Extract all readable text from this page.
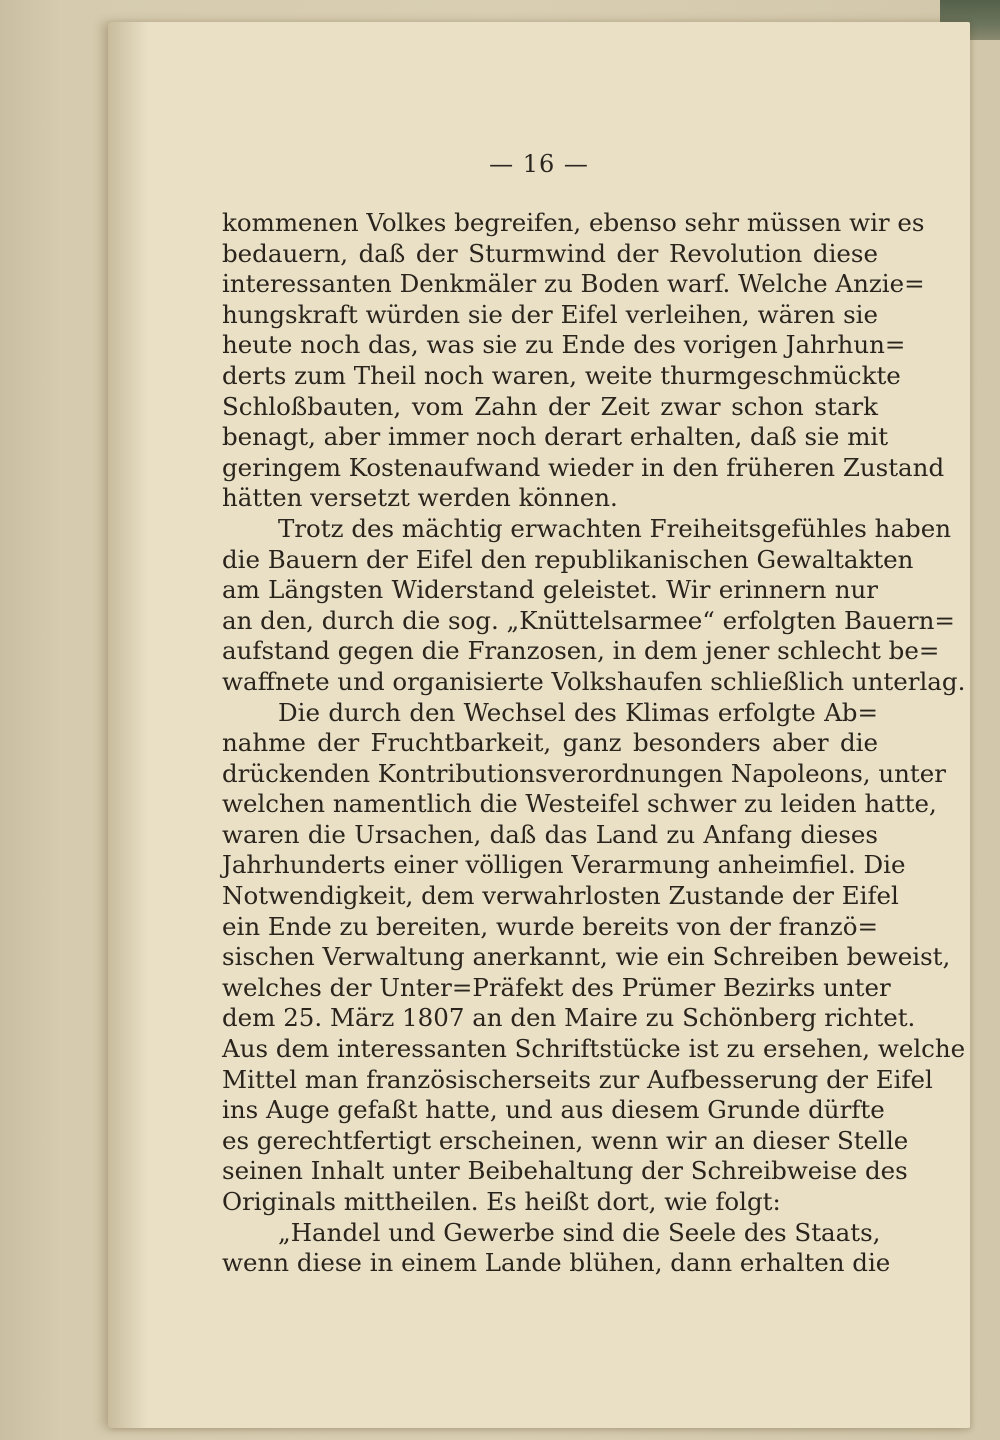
— 16 —
kommenen Volkes begreifen, ebenso sehr müssen wir es
bedauern, daß der Sturmwind der Revolution diese
interessanten Denkmäler zu Boden warf. Welche Anzie=
hungskraft würden sie der Eifel verleihen, wären sie
heute noch das, was sie zu Ende des vorigen Jahrhun=
derts zum Theil noch waren, weite thurmgeschmückte
Schloßbauten, vom Zahn der Zeit zwar schon stark
benagt, aber immer noch derart erhalten, daß sie mit
geringem Kostenaufwand wieder in den früheren Zustand
hätten versetzt werden können.
Trotz des mächtig erwachten Freiheitsgefühles haben
die Bauern der Eifel den republikanischen Gewaltakten
am Längsten Widerstand geleistet. Wir erinnern nur
an den, durch die sog. „Knüttelsarmee“ erfolgten Bauern=
aufstand gegen die Franzosen, in dem jener schlecht be=
waffnete und organisierte Volkshaufen schließlich unterlag.
Die durch den Wechsel des Klimas erfolgte Ab=
nahme der Fruchtbarkeit, ganz besonders aber die
drückenden Kontributionsverordnungen Napoleons, unter
welchen namentlich die Westeifel schwer zu leiden hatte,
waren die Ursachen, daß das Land zu Anfang dieses
Jahrhunderts einer völligen Verarmung anheimfiel. Die
Notwendigkeit, dem verwahrlosten Zustande der Eifel
ein Ende zu bereiten, wurde bereits von der franzö=
sischen Verwaltung anerkannt, wie ein Schreiben beweist,
welches der Unter=Präfekt des Prümer Bezirks unter
dem 25. März 1807 an den Maire zu Schönberg richtet.
Aus dem interessanten Schriftstücke ist zu ersehen, welche
Mittel man französischerseits zur Aufbesserung der Eifel
ins Auge gefaßt hatte, und aus diesem Grunde dürfte
es gerechtfertigt erscheinen, wenn wir an dieser Stelle
seinen Inhalt unter Beibehaltung der Schreibweise des
Originals mittheilen. Es heißt dort, wie folgt:
„Handel und Gewerbe sind die Seele des Staats,
wenn diese in einem Lande blühen, dann erhalten die
